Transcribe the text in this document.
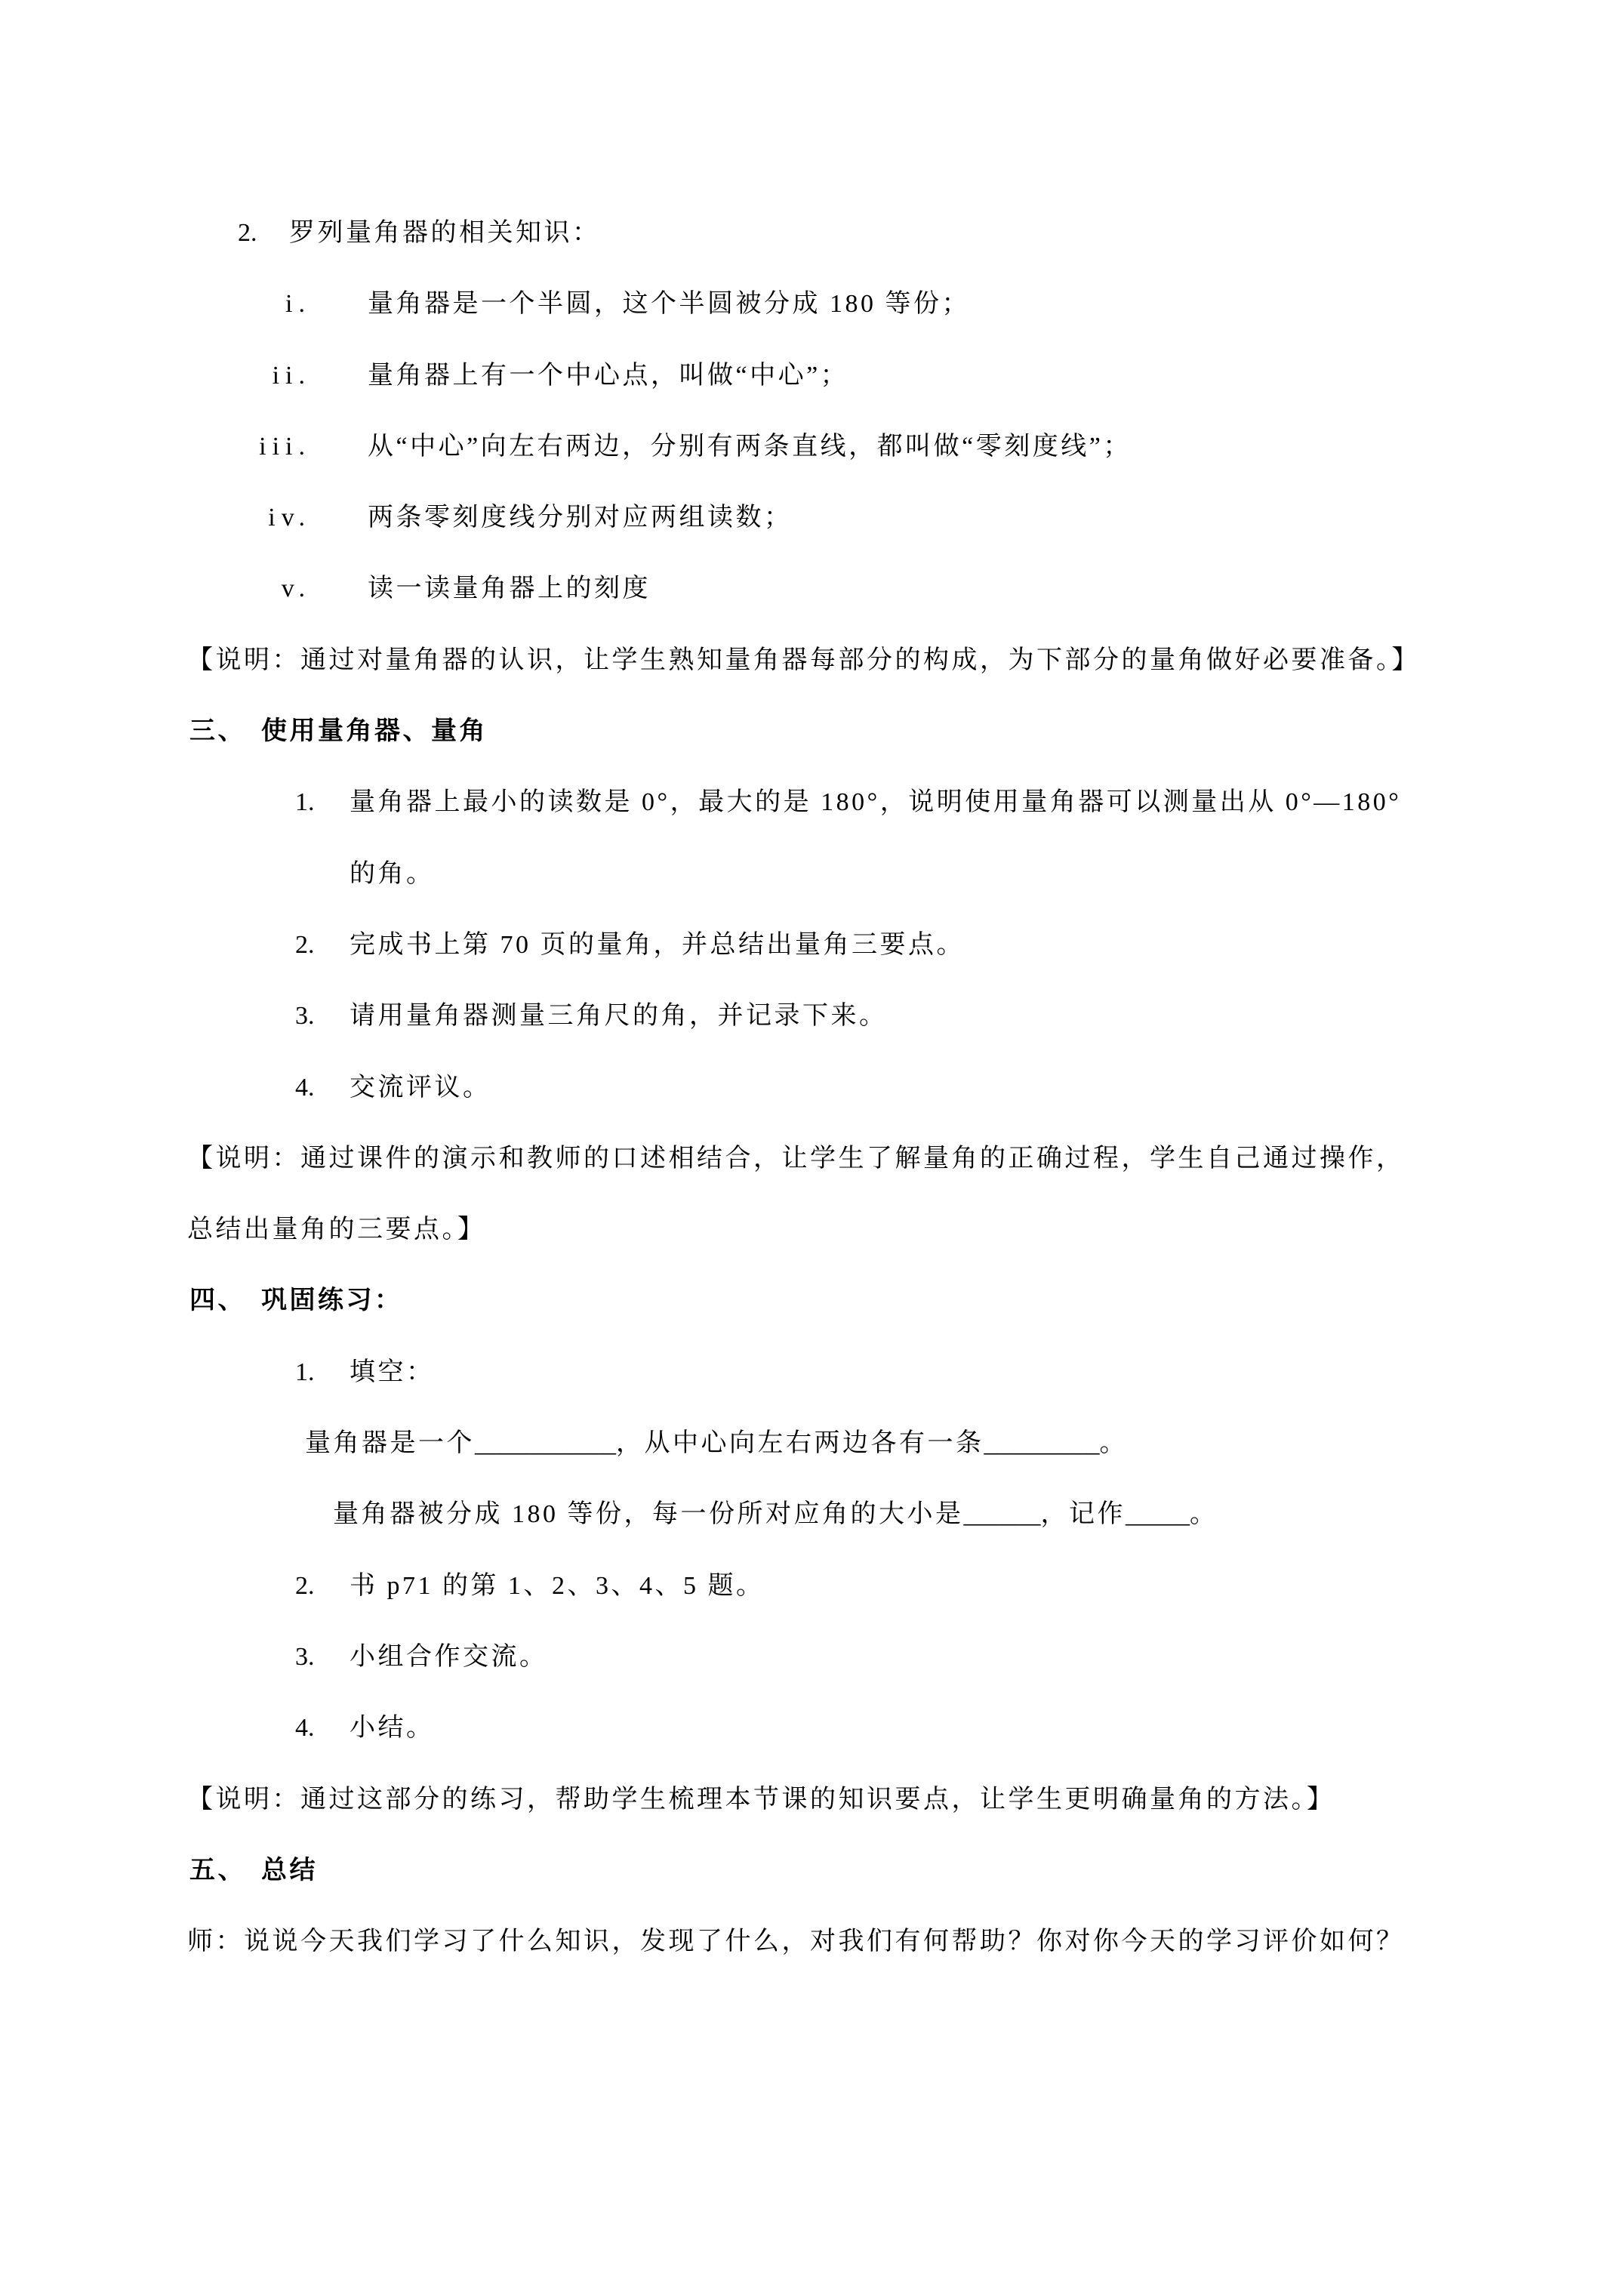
2. 罗列量角器的相关知识：
i. 量角器是一个半圆，这个半圆被分成 180 等份；
ii. 量角器上有一个中心点，叫做“中心”；
iii. 从“中心”向左右两边，分别有两条直线，都叫做“零刻度线”；
iv. 两条零刻度线分别对应两组读数；
v. 读一读量角器上的刻度
【说明：通过对量角器的认识，让学生熟知量角器每部分的构成，为下部分的量角做好必要准备。】
三、 使用量角器、量角
1. 量角器上最小的读数是 0°，最大的是 180°，说明使用量角器可以测量出从 0°—180°
的角。
2. 完成书上第 70 页的量角，并总结出量角三要点。
3. 请用量角器测量三角尺的角，并记录下来。
4. 交流评议。
【说明：通过课件的演示和教师的口述相结合，让学生了解量角的正确过程，学生自己通过操作，
总结出量角的三要点。】
四、 巩固练习：
1. 填空：
量角器是一个___________，从中心向左右两边各有一条_________。
量角器被分成 180 等份，每一份所对应角的大小是______，记作_____。
2. 书 p71 的第 1、2、3、4、5 题。
3. 小组合作交流。
4. 小结。
【说明：通过这部分的练习，帮助学生梳理本节课的知识要点，让学生更明确量角的方法。】
五、 总结
师：说说今天我们学习了什么知识，发现了什么，对我们有何帮助？你对你今天的学习评价如何？
